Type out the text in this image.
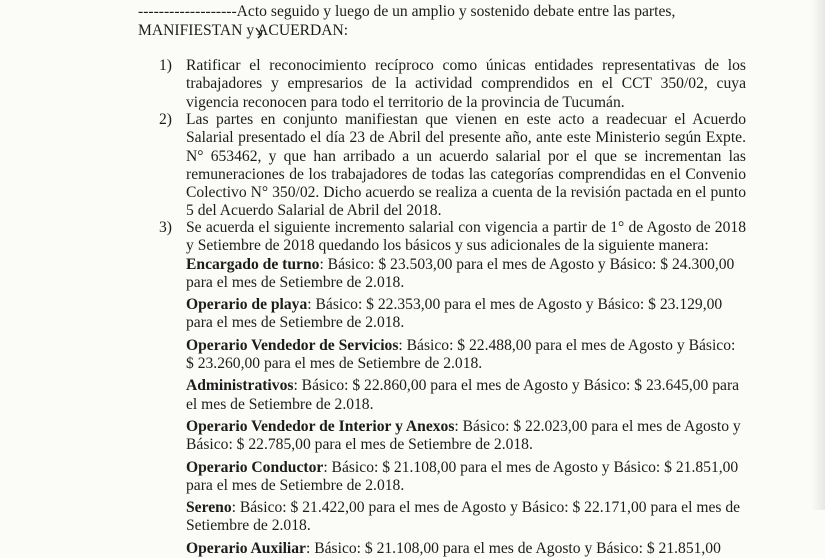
-------------------Acto seguido y luego de un amplio y sostenido debate entre las partes,
MANIFIESTAN y ACUERDAN:
1) Ratificar el reconocimiento recíproco como únicas entidades representativas de los
trabajadores y empresarios de la actividad comprendidos en el CCT 350/02, cuya
vigencia reconocen para todo el territorio de la provincia de Tucumán.
2) Las partes en conjunto manifiestan que vienen en este acto a readecuar el Acuerdo
Salarial presentado el día 23 de Abril del presente año, ante este Ministerio según Expte.
N° 653462, y que han arribado a un acuerdo salarial por el que se incrementan las
remuneraciones de los trabajadores de todas las categorías comprendidas en el Convenio
Colectivo N° 350/02. Dicho acuerdo se realiza a cuenta de la revisión pactada en el punto
5 del Acuerdo Salarial de Abril del 2018.
3) Se acuerda el siguiente incremento salarial con vigencia a partir de 1° de Agosto de 2018
y Setiembre de 2018 quedando los básicos y sus adicionales de la siguiente manera:
Encargado de turno: Básico: $ 23.503,00 para el mes de Agosto y Básico: $ 24.300,00
para el mes de Setiembre de 2.018.
Operario de playa: Básico: $ 22.353,00 para el mes de Agosto y Básico: $ 23.129,00
para el mes de Setiembre de 2.018.
Operario Vendedor de Servicios: Básico: $ 22.488,00 para el mes de Agosto y Básico:
$ 23.260,00 para el mes de Setiembre de 2.018.
Administrativos: Básico: $ 22.860,00 para el mes de Agosto y Básico: $ 23.645,00 para
el mes de Setiembre de 2.018.
Operario Vendedor de Interior y Anexos: Básico: $ 22.023,00 para el mes de Agosto y
Básico: $ 22.785,00 para el mes de Setiembre de 2.018.
Operario Conductor: Básico: $ 21.108,00 para el mes de Agosto y Básico: $ 21.851,00
para el mes de Setiembre de 2.018.
Sereno: Básico: $ 21.422,00 para el mes de Agosto y Básico: $ 22.171,00 para el mes de
Setiembre de 2.018.
Operario Auxiliar: Básico: $ 21.108,00 para el mes de Agosto y Básico: $ 21.851,00
